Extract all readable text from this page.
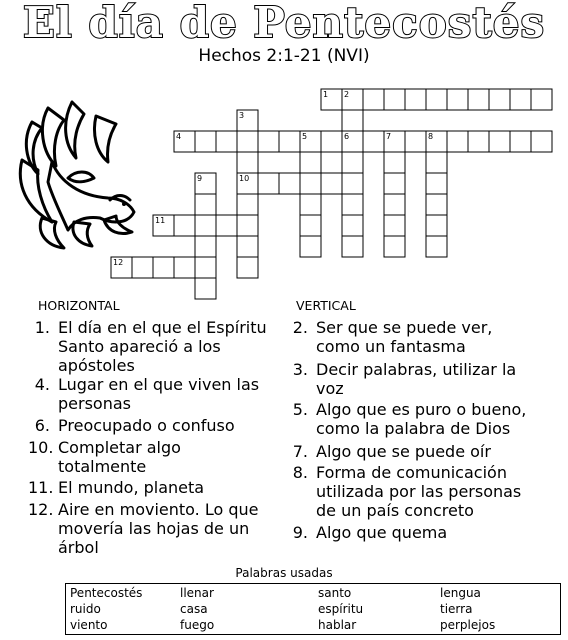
El día de Pentecostés
Hechos 2:1-21 (NVI)
1 2
3
4	5	6	7	8
9	10
11
12
HORIZONTAL	VERTICAL
1. El día en el que el Espíritu Santo apareció a los apóstoles
4. Lugar en el que viven las personas
6. Preocupado o confuso
10. Completar algo totalmente
11. El mundo, planeta
12. Aire en moviento. Lo que movería las hojas de un árbol
2. Ser que se puede ver, como un fantasma
3. Decir palabras, utilizar la voz
5. Algo que es puro o bueno, como la palabra de Dios
7. Algo que se puede oír
8. Forma de comunicación utilizada por las personas de un país concreto
9. Algo que quema
Palabras usadas
Pentecostés	llenar	santo	lengua
ruido	casa	espíritu	tierra
viento	fuego	hablar	perplejos
